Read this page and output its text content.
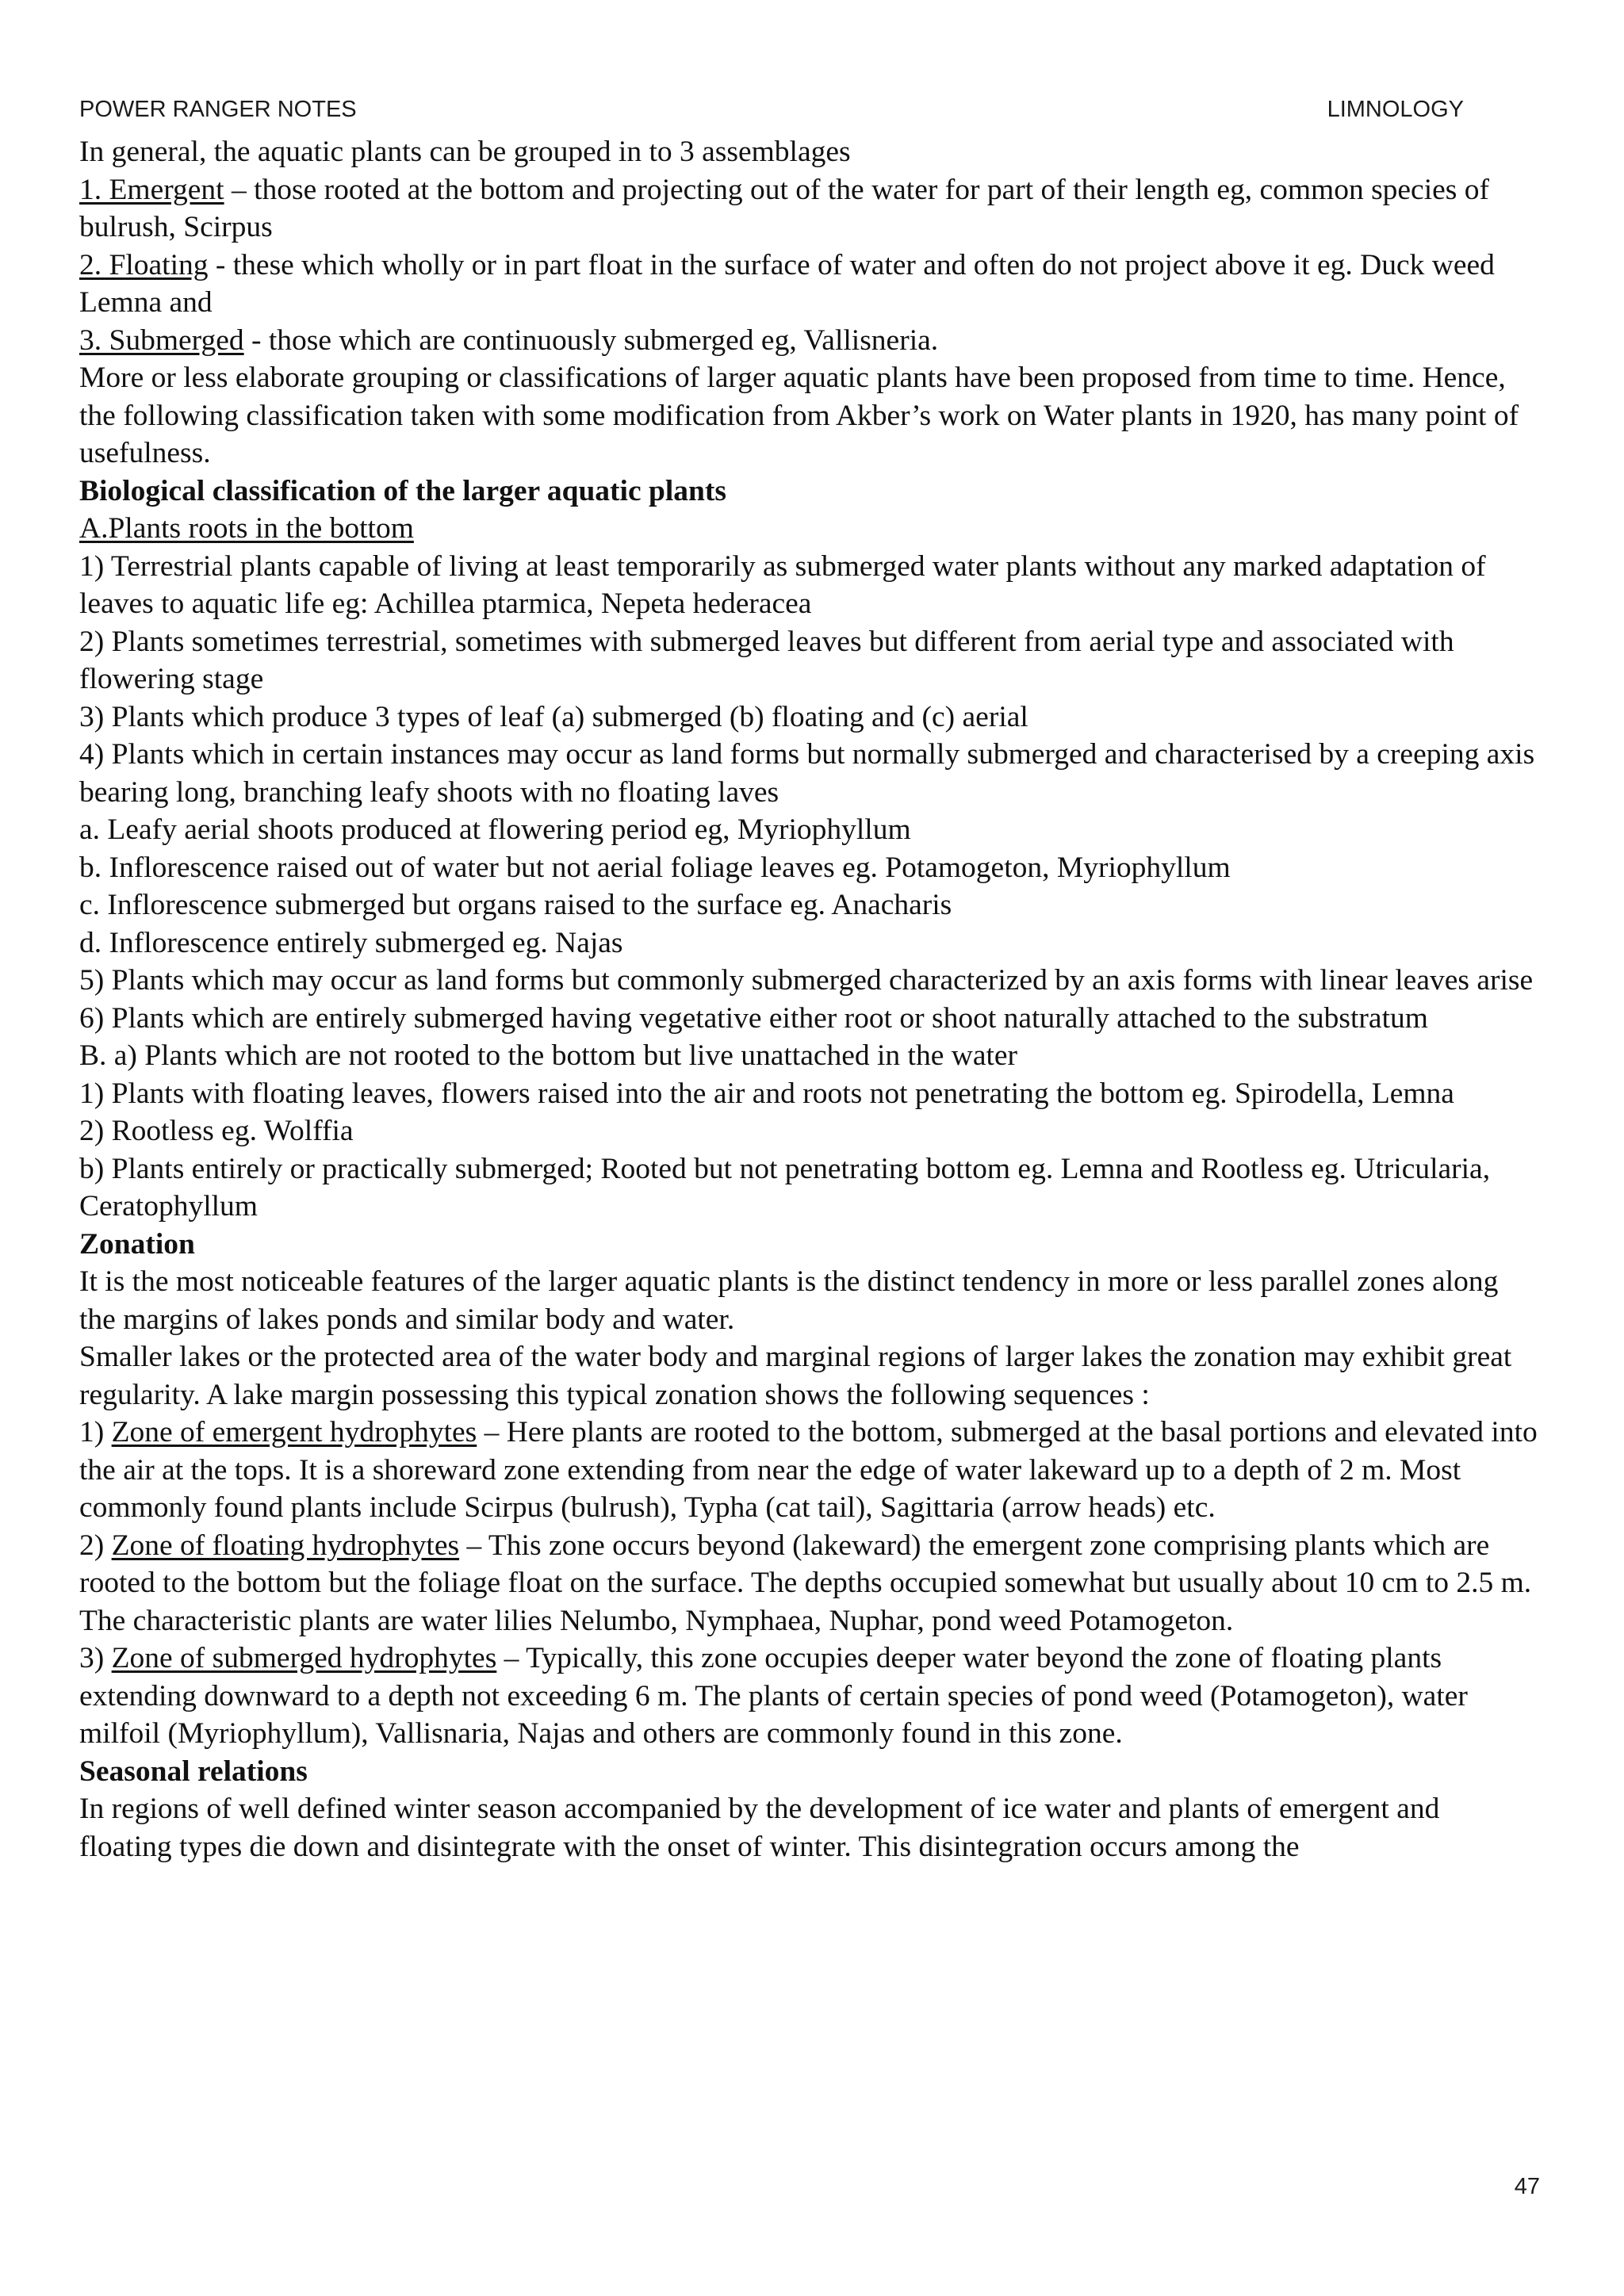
POWER RANGER NOTES	LIMNOLOGY

In general, the aquatic plants can be grouped in to 3 assemblages

1. Emergent – those rooted at the bottom and projecting out of the water for part of their length eg, common species of bulrush, Scirpus

2. Floating - these which wholly or in part float in the surface of water and often do not project above it eg. Duck weed Lemna and

3. Submerged - those which are continuously submerged eg, Vallisneria.

More or less elaborate grouping or classifications of larger aquatic plants have been proposed from time to time. Hence, the following classification taken with some modification from Akber’s work on Water plants in 1920, has many point of usefulness.

Biological classification of the larger aquatic plants

A.Plants roots in the bottom

1) Terrestrial plants capable of living at least temporarily as submerged water plants without any marked adaptation of leaves to aquatic life eg: Achillea ptarmica, Nepeta hederacea

2) Plants sometimes terrestrial, sometimes with submerged leaves but different from aerial type and associated with flowering stage

3) Plants which produce 3 types of leaf (a) submerged (b) floating and (c) aerial

4) Plants which in certain instances may occur as land forms but normally submerged and characterised by a creeping axis bearing long, branching leafy shoots with no floating laves

a. Leafy aerial shoots produced at flowering period eg, Myriophyllum

b. Inflorescence raised out of water but not aerial foliage leaves eg. Potamogeton, Myriophyllum

c. Inflorescence submerged but organs raised to the surface eg. Anacharis

d. Inflorescence entirely submerged eg. Najas

5) Plants which may occur as land forms but commonly submerged characterized by an axis forms with linear leaves arise

6) Plants which are entirely submerged having vegetative either root or shoot naturally attached to the substratum

B. a) Plants which are not rooted to the bottom but live unattached in the water

1) Plants with floating leaves, flowers raised into the air and roots not penetrating the bottom eg. Spirodella, Lemna

2) Rootless eg. Wolffia

b) Plants entirely or practically submerged; Rooted but not penetrating bottom eg. Lemna and Rootless eg. Utricularia, Ceratophyllum

Zonation

It is the most noticeable features of the larger aquatic plants is the distinct tendency in more or less parallel zones along the margins of lakes ponds and similar body and water.

Smaller lakes or the protected area of the water body and marginal regions of larger lakes the zonation may exhibit great regularity. A lake margin possessing this typical zonation shows the following sequences :

1) Zone of emergent hydrophytes – Here plants are rooted to the bottom, submerged at the basal portions and elevated into the air at the tops. It is a shoreward zone extending from near the edge of water lakeward up to a depth of 2 m. Most commonly found plants include Scirpus (bulrush), Typha (cat tail), Sagittaria (arrow heads) etc.

2) Zone of floating hydrophytes – This zone occurs beyond (lakeward) the emergent zone comprising plants which are rooted to the bottom but the foliage float on the surface. The depths occupied somewhat but usually about 10 cm to 2.5 m. The characteristic plants are water lilies Nelumbo, Nymphaea, Nuphar, pond weed Potamogeton.

3) Zone of submerged hydrophytes – Typically, this zone occupies deeper water beyond the zone of floating plants extending downward to a depth not exceeding 6 m. The plants of certain species of pond weed (Potamogeton), water milfoil (Myriophyllum), Vallisnaria, Najas and others are commonly found in this zone.

Seasonal relations

In regions of well defined winter season accompanied by the development of ice water and plants of emergent and floating types die down and disintegrate with the onset of winter. This disintegration occurs among the

47
